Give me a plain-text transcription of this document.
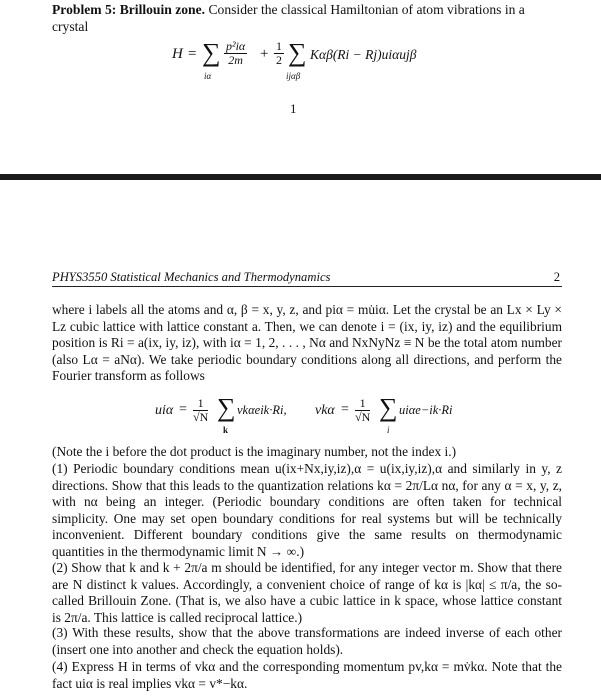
Problem 5: Brillouin zone. Consider the classical Hamiltonian of atom vibrations in a crystal
H = ∑
iα
$\frac{\text{p²iα}}{2m} + \frac{1}{2}$ ∑
ijαβ
Kαβ(Ri − Rj)uiαujβ
1
PHYS3550 Statistical Mechanics and Thermodynamics	2
where i labels all the atoms and α, β = x, y, z, and piα = mu̇iα. Let the crystal be an Lx × Ly × Lz cubic lattice with lattice constant a. Then, we can denote i = (ix, iy, iz) and the equilibrium position is Ri = a(ix, iy, iz), with iα = 1, 2, . . . , Nα and NxNyNz ≡ N be the total atom number (also Lα = aNα). We take periodic boundary conditions along all directions, and perform the Fourier transform as follows
$ui\alpha = \frac{1}{√N}$ ∑
k
vkαeik·Ri, $vk\alpha = \frac{1}{√N}$ ∑
i
uiαe−ik·Ri
(Note the i before the dot product is the imaginary number, not the index i.)
(1) Periodic boundary conditions mean u(ix+Nx,iy,iz),α = u(ix,iy,iz),α and similarly in y, z directions. Show that this leads to the quantization relations kα = 2π/Lα nα, for any α = x, y, z, with nα being an integer. (Periodic boundary conditions are often taken for technical simplicity. One may set open boundary conditions for real systems but will be technically inconvenient. Different boundary conditions give the same results on thermodynamic quantities in the thermodynamic limit N → ∞.)
(2) Show that k and k + 2π/a m should be identified, for any integer vector m. Show that there are N distinct k values. Accordingly, a convenient choice of range of kα is |kα| ≤ π/a, the so-called Brillouin Zone. (That is, we also have a cubic lattice in k space, whose lattice constant is 2π/a. This lattice is called reciprocal lattice.)
(3) With these results, show that the above transformations are indeed inverse of each other (insert one into another and check the equation holds).
(4) Express H in terms of vkα and the corresponding momentum pv,kα = mv̇kα. Note that the fact uiα is real implies vkα = v*−kα.
